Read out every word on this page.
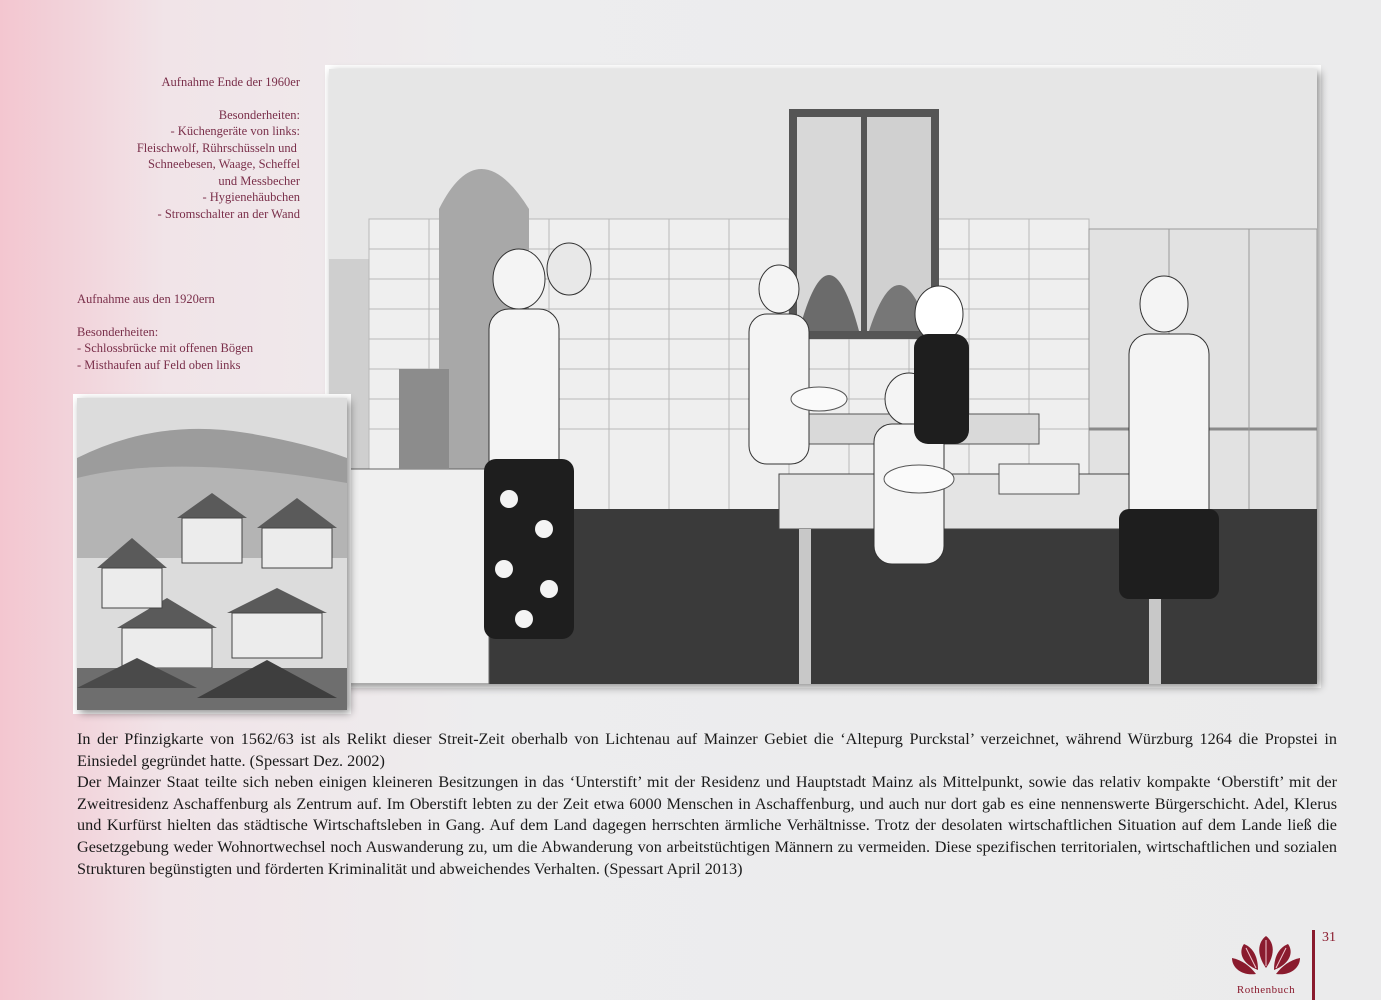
Aufnahme Ende der 1960er

Besonderheiten:

- Küchengeräte von links:

Fleischwolf, Rührschüsseln und

Schneebesen, Waage, Scheffel

und Messbecher

- Hygienehäubchen

- Stromschalter an der Wand

Aufnahme aus den 1920ern

Besonderheiten:

- Schlossbrücke mit offenen Bögen

- Misthaufen auf Feld oben links

In der Pfinzigkarte von 1562/63 ist als Relikt dieser Streit-Zeit oberhalb von Lichtenau auf Mainzer Gebiet die ‘Altepurg Purckstal’ verzeichnet, während Würzburg 1264 die Propstei in Einsiedel gegründet hatte. (Spessart Dez. 2002)

Der Mainzer Staat teilte sich neben einigen kleineren Besitzungen in das ‘Unterstift’ mit der Residenz und Hauptstadt Mainz als Mittelpunkt, sowie das relativ kompakte ‘Oberstift’ mit der Zweitresidenz Aschaffenburg als Zentrum auf. Im Oberstift lebten zu der Zeit etwa 6000 Menschen in Aschaffenburg, und auch nur dort gab es eine nennenswerte Bürgerschicht. Adel, Klerus und Kurfürst hielten das städtische Wirtschaftsleben in Gang. Auf dem Land dagegen herrschten ärmliche Verhältnisse. Trotz der desolaten wirtschaftlichen Situation auf dem Lande ließ die Gesetzgebung weder Wohnortwechsel noch Auswanderung zu, um die Abwanderung von arbeitstüchtigen Männern zu vermeiden. Diese spezifischen territorialen, wirtschaftlichen und sozialen Strukturen begünstigten und förderten Kriminalität und abweichendes Verhalten. (Spessart April 2013)

Rothenbuch
31
